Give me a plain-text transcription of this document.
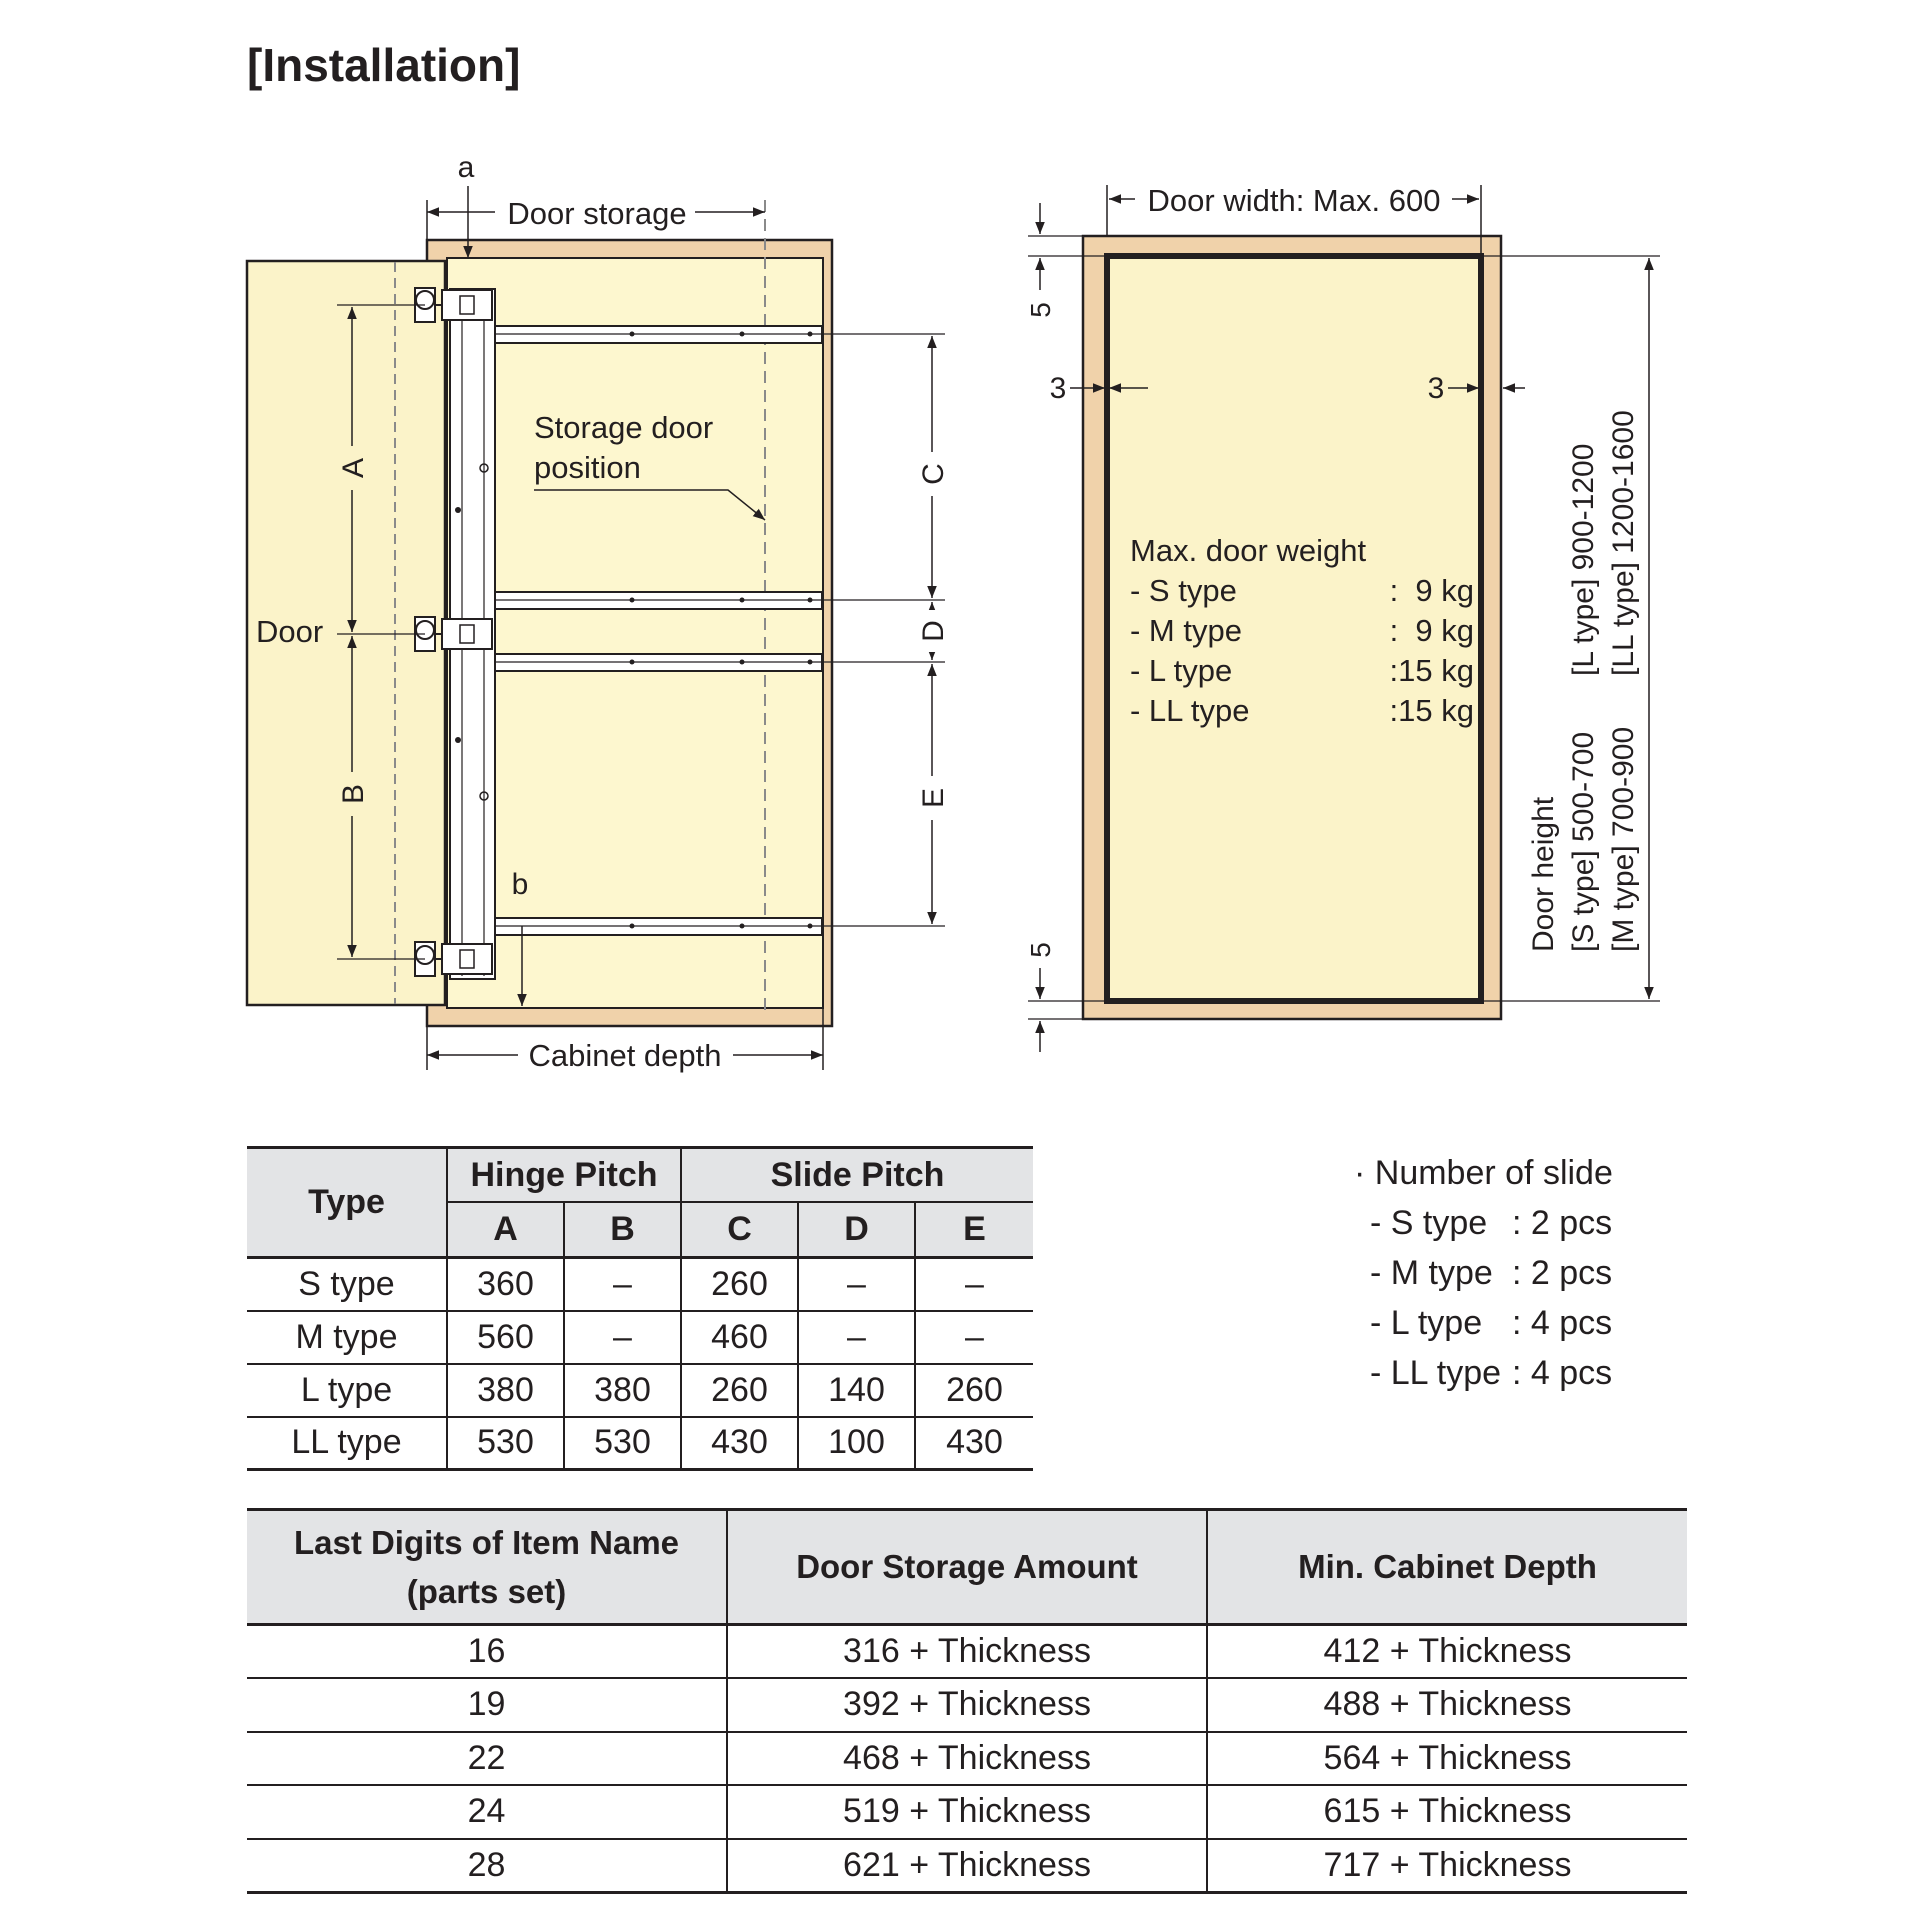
[Installation]
a
Door storage
Storage door
position
Door
A
B
C
D
E
b
Cabinet depth
Door width: Max. 600
5
5
3	3
Max. door weight
- S type	:  9 kg
- M type	:  9 kg
- L type	:15 kg
- LL type	:15 kg
Door height [S type] 500-700
[L type] 900-1200
[M type] 700-900
[LL type] 1200-1600
Type	Hinge Pitch		Slide Pitch		
	A	B	C	D	E
S type	360	–	260	–	–
M type	560	–	460	–	–
L type	380	380	260	140	260
LL type	530	530	430	100	430
· Number of slide
- S type : 2 pcs
- M type : 2 pcs
- L type : 4 pcs
- LL type : 4 pcs
Last Digits of Item Name
(parts set)	Door Storage Amount	Min. Cabinet Depth
16	316 + Thickness	412 + Thickness
19	392 + Thickness	488 + Thickness
22	468 + Thickness	564 + Thickness
24	519 + Thickness	615 + Thickness
28	621 + Thickness	717 + Thickness
